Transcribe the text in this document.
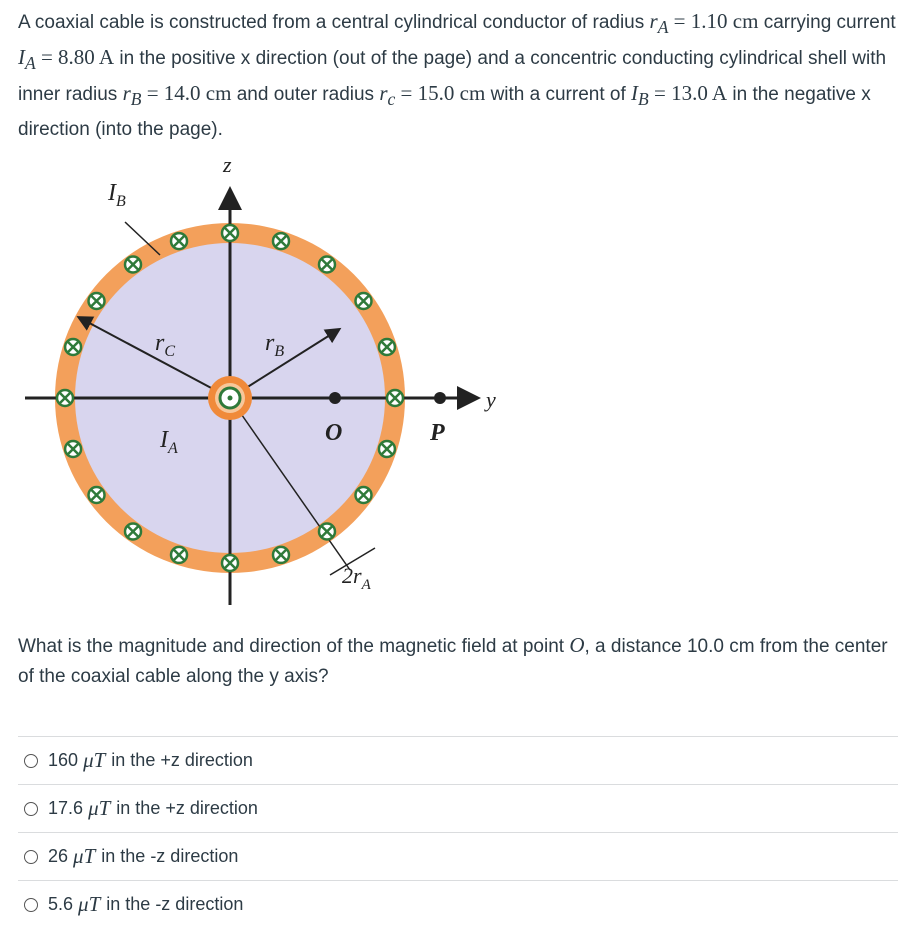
A coaxial cable is constructed from a central cylindrical conductor of radius $r_A = 1.10$ cm carrying current $I_A = 8.80$ A in the positive x direction (out of the page) and a concentric conducting cylindrical shell with inner radius $r_B = 14.0$ cm and outer radius $r_c = 15.0$ cm with a current of $I_B = 13.0$ A in the negative x direction (into the page).
z
y
$I_B$
$I_A$
$r_C$	$r_B$
O	P
$2r_A$
What is the magnitude and direction of the magnetic field at point O, a distance 10.0 cm from the center of the coaxial cable along the y axis?
160
μT in the +z direction
17.6
μT in the +z direction
26
μT in the -z direction
5.6
μT in the -z direction
